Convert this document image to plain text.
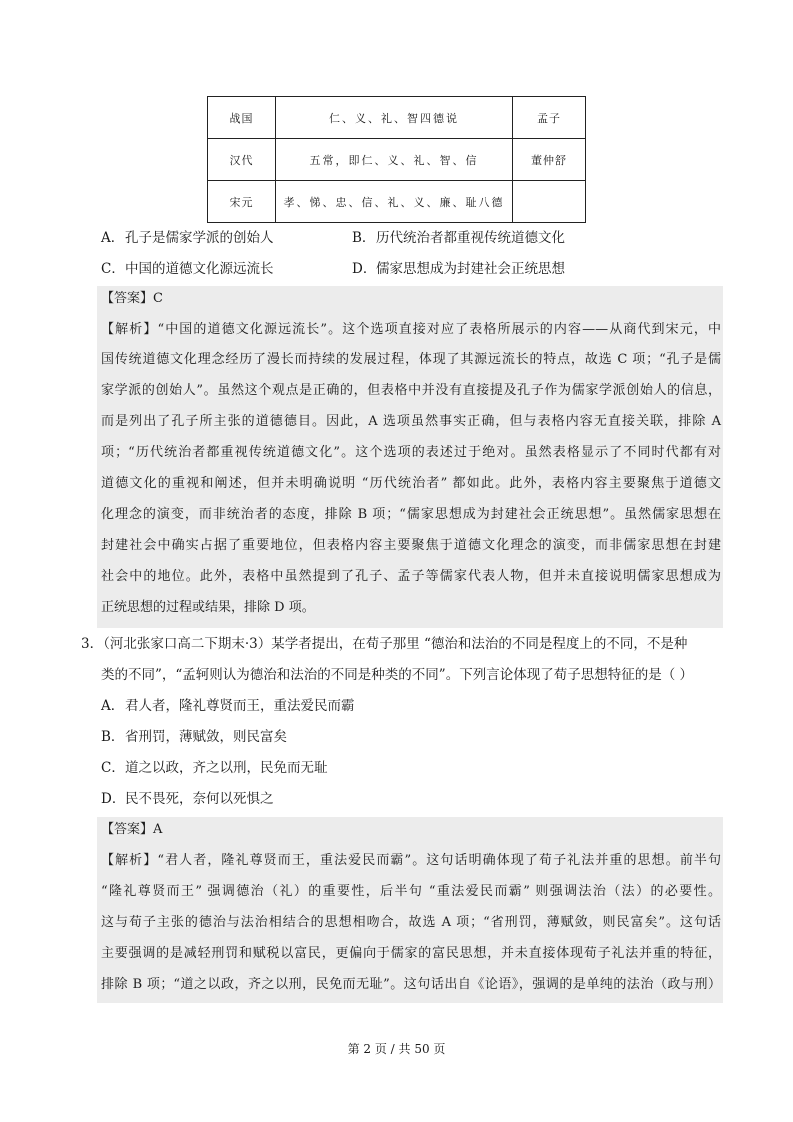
战国	仁、义、礼、智四德说	孟子
汉代	五常，即仁、义、礼、智、信	董仲舒
宋元	孝、悌、忠、信、礼、义、廉、耻八德	
A．孔子是儒家学派的创始人	B．历代统治者都重视传统道德文化
C．中国的道德文化源远流长	D．儒家思想成为封建社会正统思想
【答案】C
【解析】“中国的道德文化源远流长”。这个选项直接对应了表格所展示的内容——从商代到宋元，中
国传统道德文化理念经历了漫长而持续的发展过程，体现了其源远流长的特点，故选 C 项；“孔子是儒
家学派的创始人”。虽然这个观点是正确的，但表格中并没有直接提及孔子作为儒家学派创始人的信息，
而是列出了孔子所主张的道德德目。因此，A 选项虽然事实正确，但与表格内容无直接关联，排除 A
项；“历代统治者都重视传统道德文化”。这个选项的表述过于绝对。虽然表格显示了不同时代都有对
道德文化的重视和阐述，但并未明确说明 “历代统治者” 都如此。此外，表格内容主要聚焦于道德文
化理念的演变，而非统治者的态度，排除 B 项；“儒家思想成为封建社会正统思想”。虽然儒家思想在
封建社会中确实占据了重要地位，但表格内容主要聚焦于道德文化理念的演变，而非儒家思想在封建
社会中的地位。此外，表格中虽然提到了孔子、孟子等儒家代表人物，但并未直接说明儒家思想成为
正统思想的过程或结果，排除 D 项。
3．（河北张家口高二下期末·3）某学者提出，在荀子那里 “德治和法治的不同是程度上的不同，不是种
类的不同”，“孟轲则认为德治和法治的不同是种类的不同”。下列言论体现了荀子思想特征的是（ ）
A．君人者，隆礼尊贤而王，重法爱民而霸
B．省刑罚，薄赋敛，则民富矣
C．道之以政，齐之以刑，民免而无耻
D．民不畏死，奈何以死惧之
【答案】A
【解析】“君人者，隆礼尊贤而王，重法爱民而霸”。这句话明确体现了荀子礼法并重的思想。前半句
“隆礼尊贤而王” 强调德治（礼）的重要性，后半句 “重法爱民而霸” 则强调法治（法）的必要性。
这与荀子主张的德治与法治相结合的思想相吻合，故选 A 项；“省刑罚，薄赋敛，则民富矣”。这句话
主要强调的是减轻刑罚和赋税以富民，更偏向于儒家的富民思想，并未直接体现荀子礼法并重的特征，
排除 B 项；“道之以政，齐之以刑，民免而无耻”。这句话出自《论语》，强调的是单纯的法治（政与刑）
第 2 页 / 共 50 页
